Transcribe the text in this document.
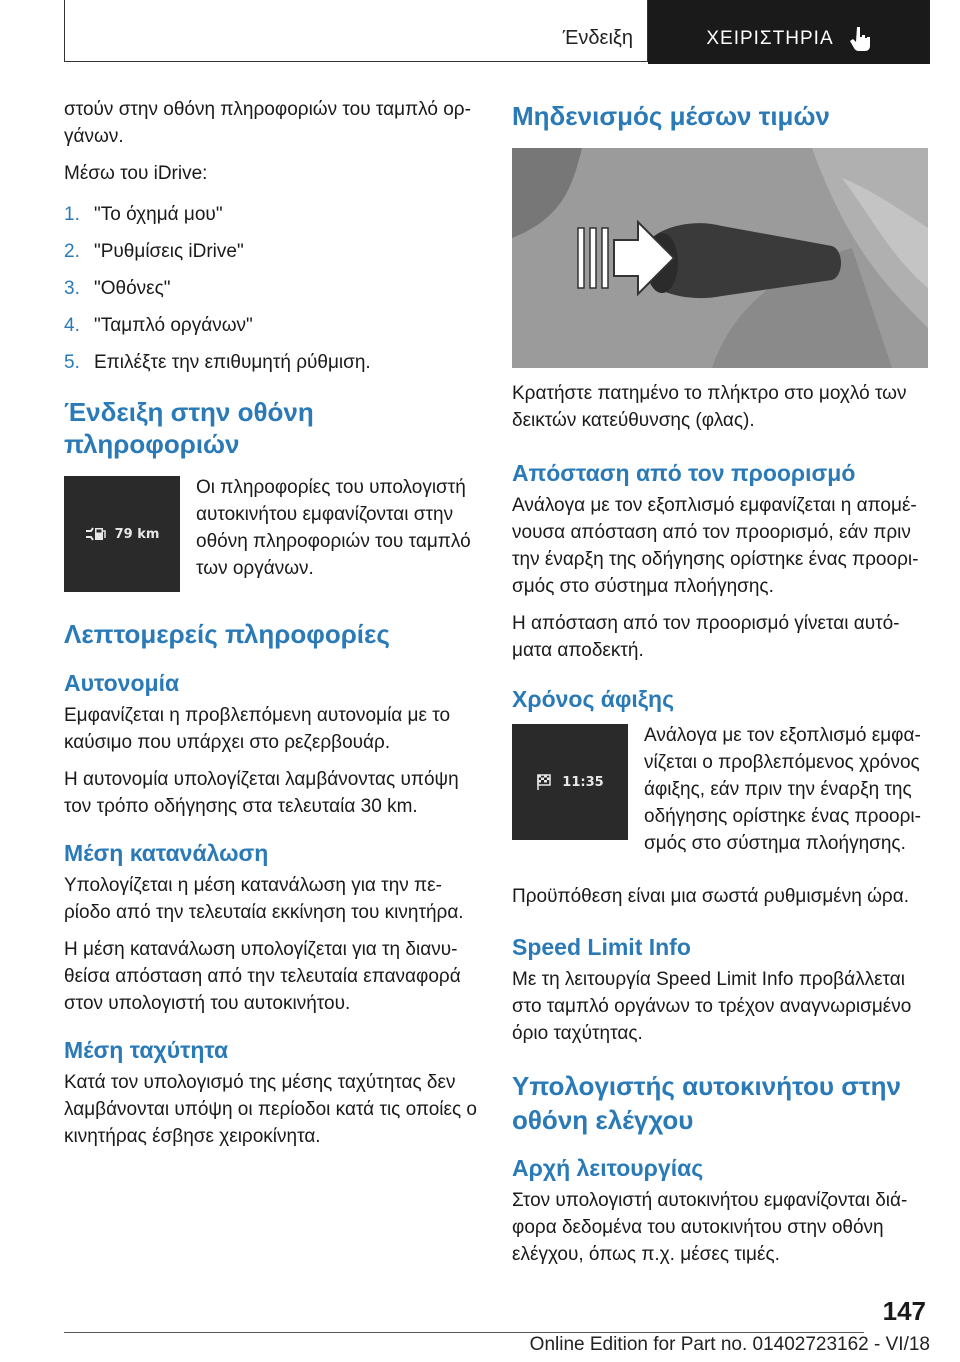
Ένδειξη	ΧΕΙΡΙΣΤΗΡΙΑ

στούν στην οθόνη πληροφοριών του ταμπλό οργάνων.

Μέσω του iDrive:

1. "Το όχημά μου"
2. "Ρυθμίσεις iDrive"
3. "Οθόνες"
4. "Ταμπλό οργάνων"
5. Επιλέξτε την επιθυμητή ρύθμιση.
Ένδειξη στην οθόνη πληροφοριών
79 km

Οι πληροφορίες του υπολογιστή αυτοκινήτου εμφανίζονται στην οθόνη πληροφοριών του ταμπλό των οργάνων.

Λεπτομερείς πληροφορίες
Αυτονομία

Εμφανίζεται η προβλεπόμενη αυτονομία με το καύσιμο που υπάρχει στο ρεζερβουάρ.

Η αυτονομία υπολογίζεται λαμβάνοντας υπόψη τον τρόπο οδήγησης στα τελευταία 30 km.

Μέση κατανάλωση

Υπολογίζεται η μέση κατανάλωση για την περίοδο από την τελευταία εκκίνηση του κινητήρα.

Η μέση κατανάλωση υπολογίζεται για τη διανυθείσα απόσταση από την τελευταία επαναφορά στον υπολογιστή του αυτοκινήτου.

Μέση ταχύτητα

Κατά τον υπολογισμό της μέσης ταχύτητας δεν λαμβάνονται υπόψη οι περίοδοι κατά τις οποίες ο κινητήρας έσβησε χειροκίνητα.

Μηδενισμός μέσων τιμών

Κρατήστε πατημένο το πλήκτρο στο μοχλό των δεικτών κατεύθυνσης (φλας).

Απόσταση από τον προορισμό

Ανάλογα με τον εξοπλισμό εμφανίζεται η απομένουσα απόσταση από τον προορισμό, εάν πριν την έναρξη της οδήγησης ορίστηκε ένας προορισμός στο σύστημα πλοήγησης.

Η απόσταση από τον προορισμό γίνεται αυτόματα αποδεκτή.

Χρόνος άφιξης
11:35

Ανάλογα με τον εξοπλισμό εμφανίζεται ο προβλεπόμενος χρόνος άφιξης, εάν πριν την έναρξη της οδήγησης ορίστηκε ένας προορισμός στο σύστημα πλοήγησης.

Προϋπόθεση είναι μια σωστά ρυθμισμένη ώρα.

Speed Limit Info

Με τη λειτουργία Speed Limit Info προβάλλεται στο ταμπλό οργάνων το τρέχον αναγνωρισμένο όριο ταχύτητας.

Υπολογιστής αυτοκινήτου στην οθόνη ελέγχου
Αρχή λειτουργίας

Στον υπολογιστή αυτοκινήτου εμφανίζονται διάφορα δεδομένα του αυτοκινήτου στην οθόνη ελέγχου, όπως π.χ. μέσες τιμές.

147
Online Edition for Part no. 01402723162 - VI/18
